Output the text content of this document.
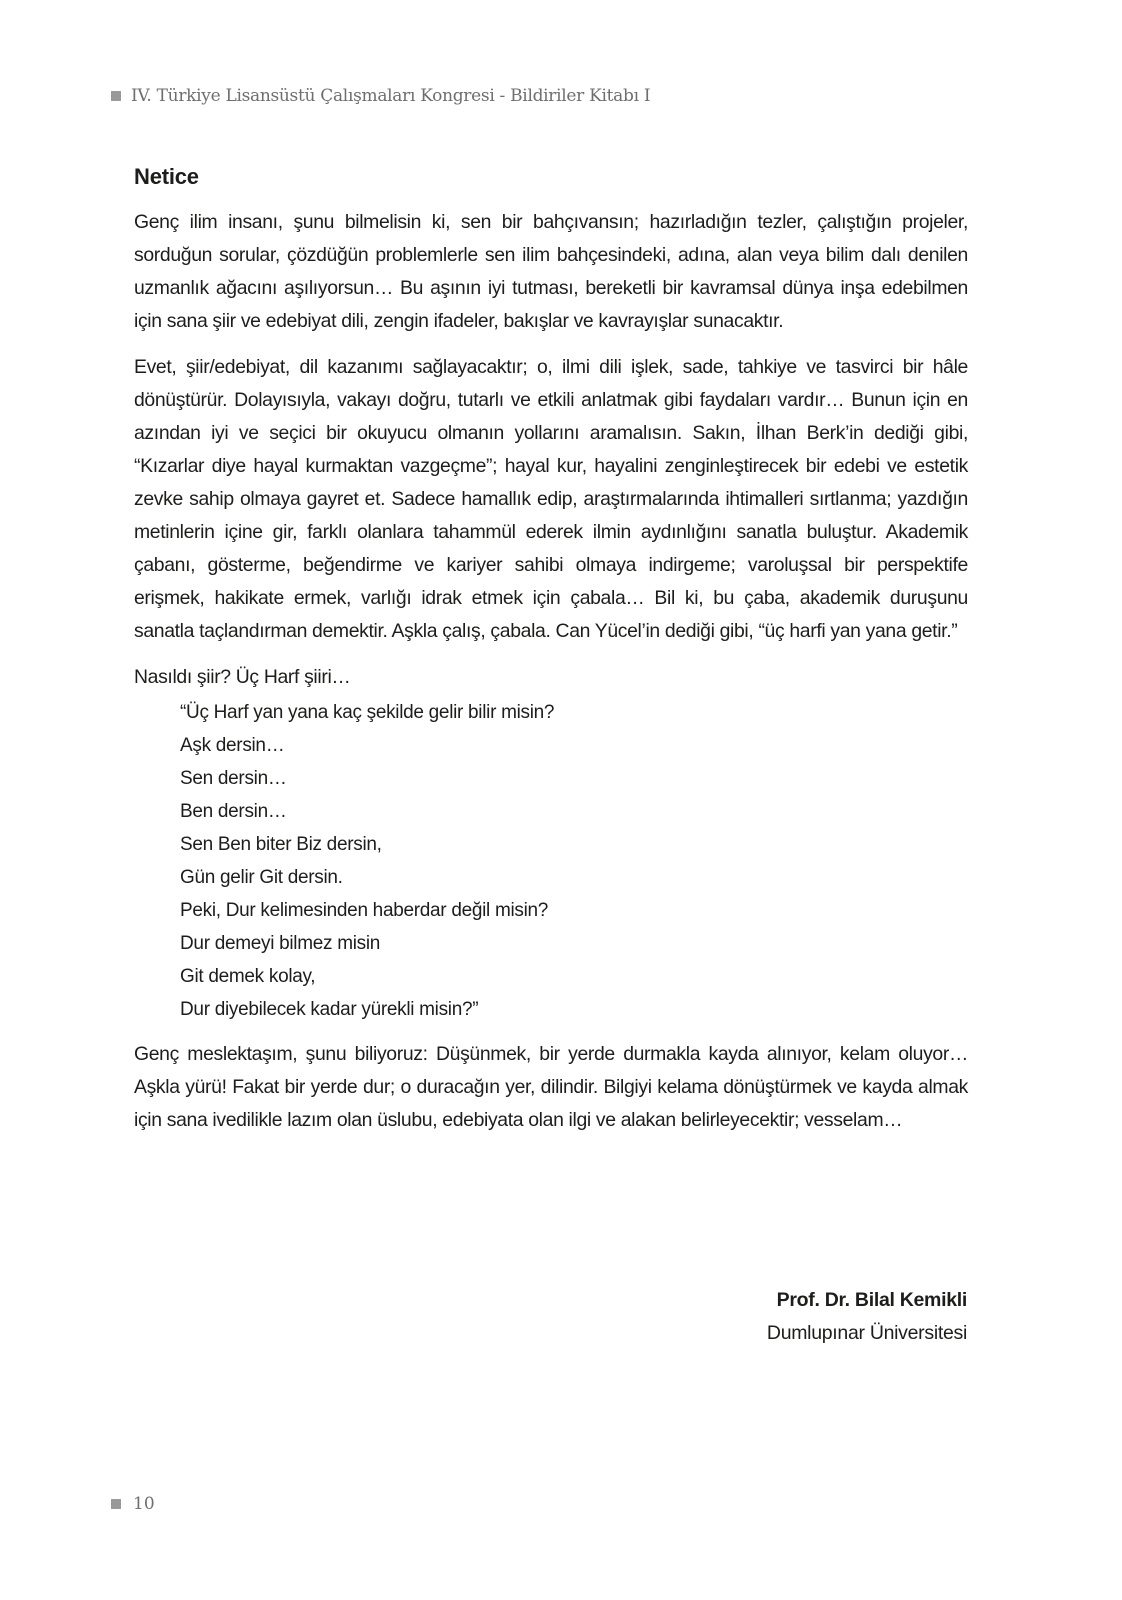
IV. Türkiye Lisansüstü Çalışmaları Kongresi - Bildiriler Kitabı I
Netice

Genç ilim insanı, şunu bilmelisin ki, sen bir bahçıvansın; hazırladığın tezler, çalıştığın projeler, sorduğun sorular, çözdüğün problemlerle sen ilim bahçesindeki, adına, alan veya bilim dalı denilen uzmanlık ağacını aşılıyorsun… Bu aşının iyi tutması, bereketli bir kavramsal dünya inşa edebilmen için sana şiir ve edebiyat dili, zengin ifadeler, bakışlar ve kavrayışlar sunacaktır.

Evet, şiir/edebiyat, dil kazanımı sağlayacaktır; o, ilmi dili işlek, sade, tahkiye ve tasvirci bir hâle dönüştürür. Dolayısıyla, vakayı doğru, tutarlı ve etkili anlatmak gibi faydaları vardır… Bunun için en azından iyi ve seçici bir okuyucu olmanın yollarını aramalısın. Sakın, İlhan Berk’in dediği gibi, “Kızarlar diye hayal kurmaktan vazgeçme”; hayal kur, hayalini zenginleştirecek bir edebi ve estetik zevke sahip olmaya gayret et. Sadece hamallık edip, araştırmalarında ihtimalleri sırtlanma; yazdığın metinlerin içine gir, farklı olanlara tahammül ederek ilmin aydınlığını sanatla buluştur. Akademik çabanı, gösterme, beğendirme ve kariyer sahibi olmaya indirgeme; varoluşsal bir perspektife erişmek, hakikate ermek, varlığı idrak etmek için çabala… Bil ki, bu çaba, akademik duruşunu sanatla taçlandırman demektir. Aşkla çalış, çabala. Can Yücel’in dediği gibi, “üç harfi yan yana getir.”

Nasıldı şiir? Üç Harf şiiri…

“Üç Harf yan yana kaç şekilde gelir bilir misin?
Aşk dersin…
Sen dersin…
Ben dersin…
Sen Ben biter Biz dersin,
Gün gelir Git dersin.
Peki, Dur kelimesinden haberdar değil misin?
Dur demeyi bilmez misin
Git demek kolay,
Dur diyebilecek kadar yürekli misin?”

Genç meslektaşım, şunu biliyoruz: Düşünmek, bir yerde durmakla kayda alınıyor, kelam oluyor… Aşkla yürü! Fakat bir yerde dur; o duracağın yer, dilindir. Bilgiyi kelama dönüştürmek ve kayda almak için sana ivedilikle lazım olan üslubu, edebiyata olan ilgi ve alakan belirleyecektir; vesselam…

Prof. Dr. Bilal Kemikli
Dumlupınar Üniversitesi
10
